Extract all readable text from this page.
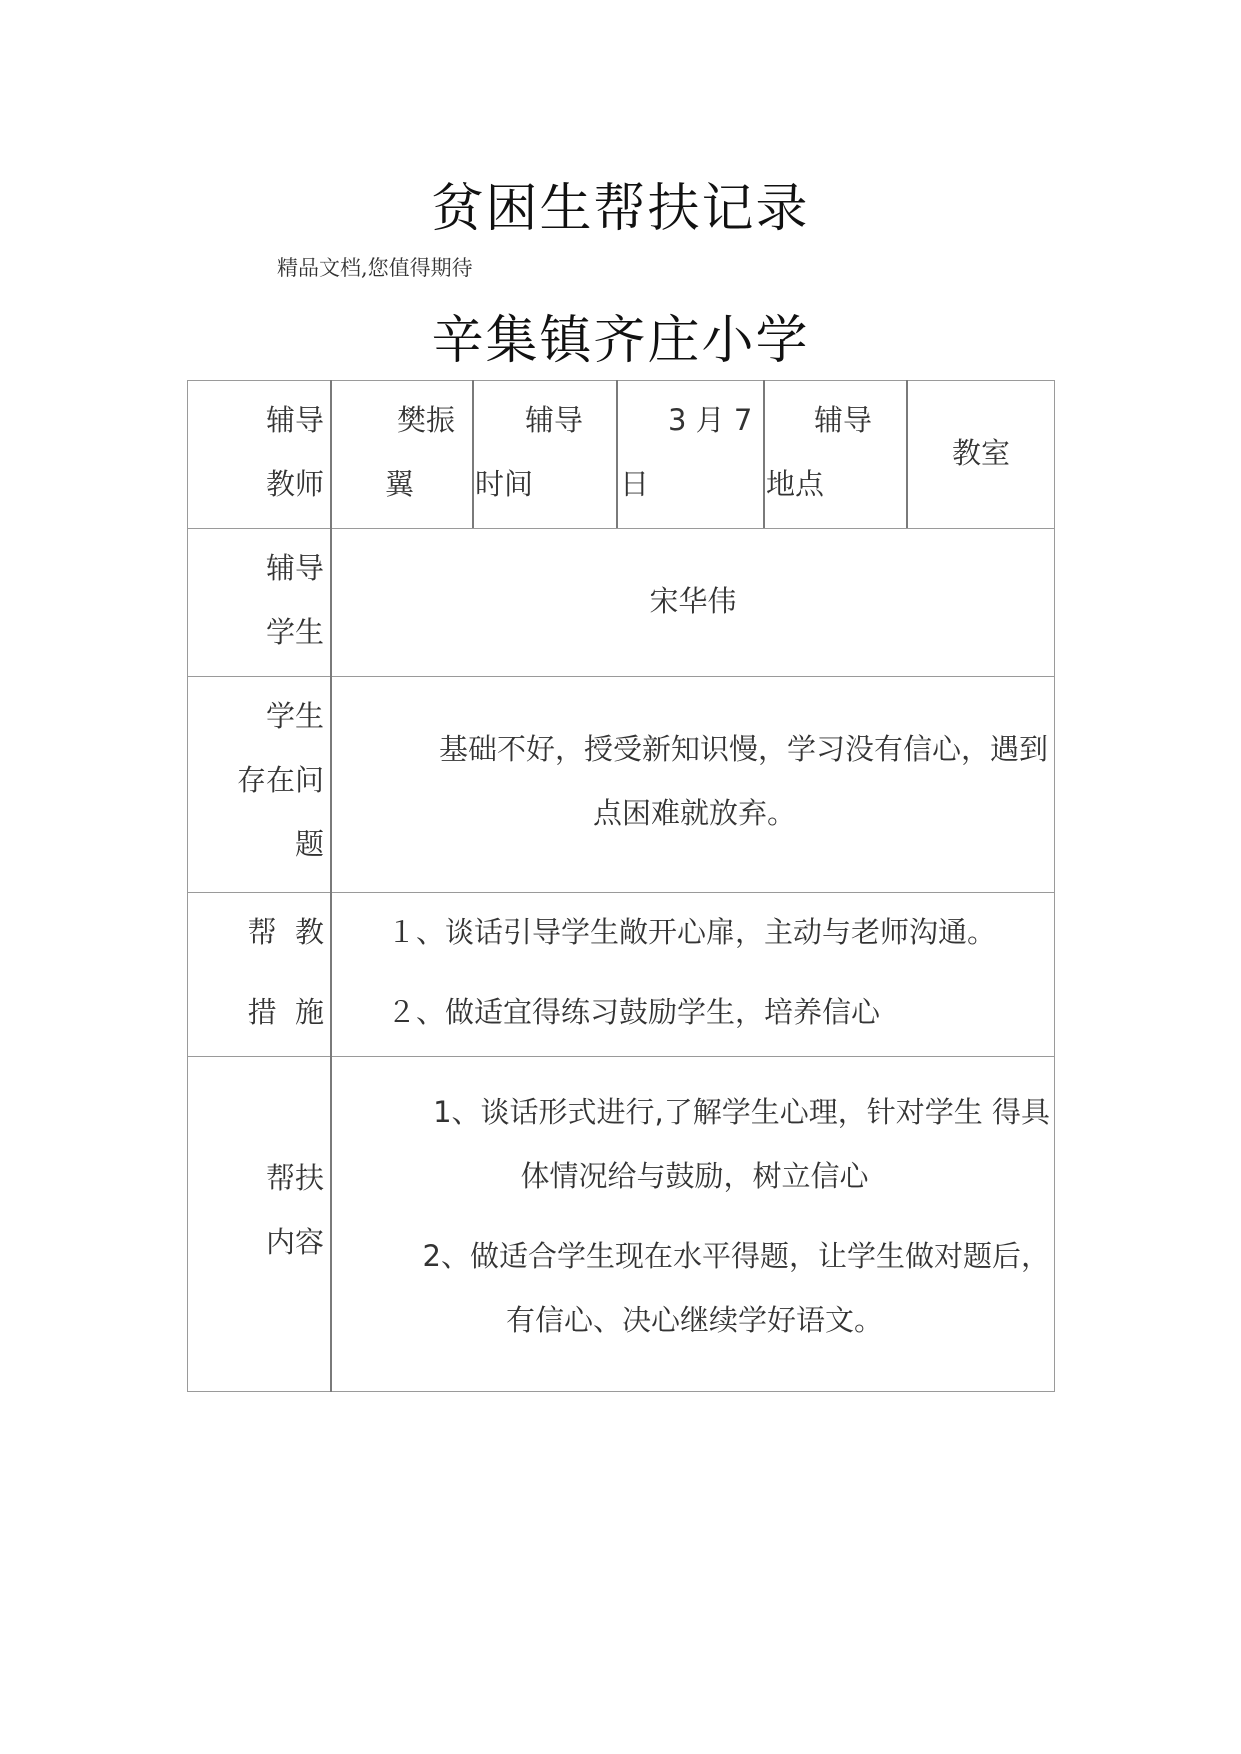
贫困生帮扶记录
精品文档,您值得期待
辛集镇齐庄小学
辅导
教师
樊振
翼
辅导
时间
3 月 7
日
辅导
地点
教室
辅导
学生
宋华伟
学生
存在问
题
基础不好，授受新知识慢，学习没有信心，遇到
点困难就放弃。
帮  教
措  施
１、谈话引导学生敞开心扉，主动与老师沟通。
２、做适宜得练习鼓励学生，培养信心
帮扶
内容
1、谈话形式进行,了解学生心理，针对学生 得具
体情况给与鼓励，树立信心
2、做适合学生现在水平得题，让学生做对题后，
有信心、决心继续学好语文。
